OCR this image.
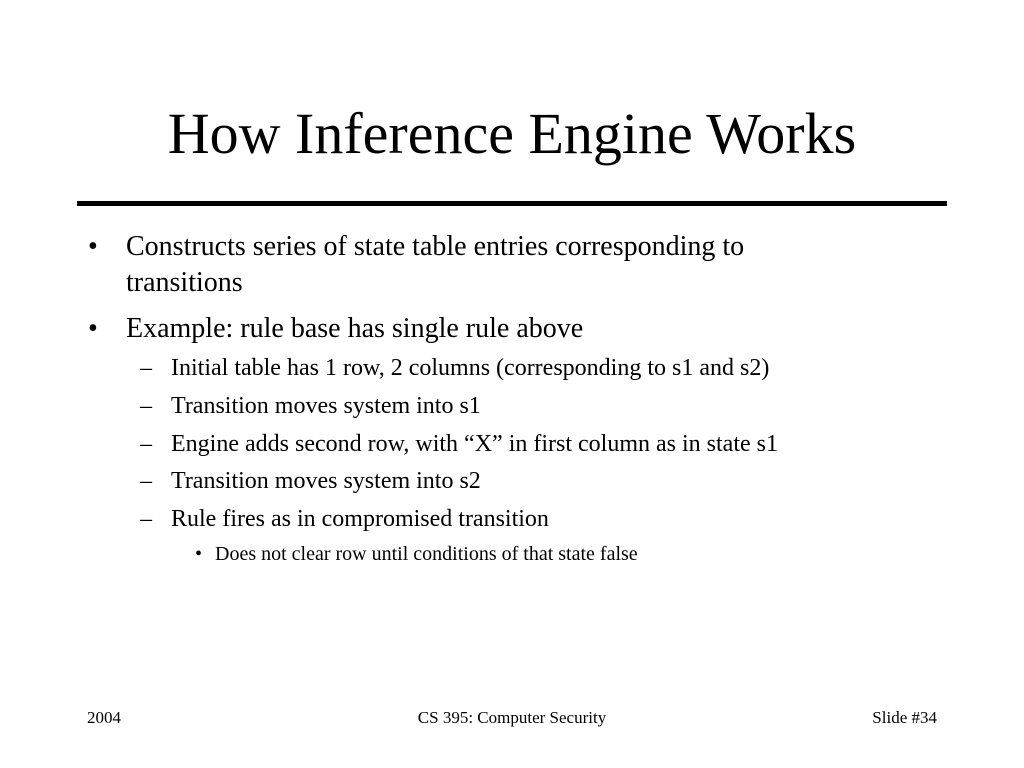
How Inference Engine Works
• Constructs series of state table entries corresponding to
transitions
• Example: rule base has single rule above
– Initial table has 1 row, 2 columns (corresponding to s1 and s2)
– Transition moves system into s1
– Engine adds second row, with “X” in first column as in state s1
– Transition moves system into s2
– Rule fires as in compromised transition
• Does not clear row until conditions of that state false
2004	CS 395: Computer Security	Slide #34
